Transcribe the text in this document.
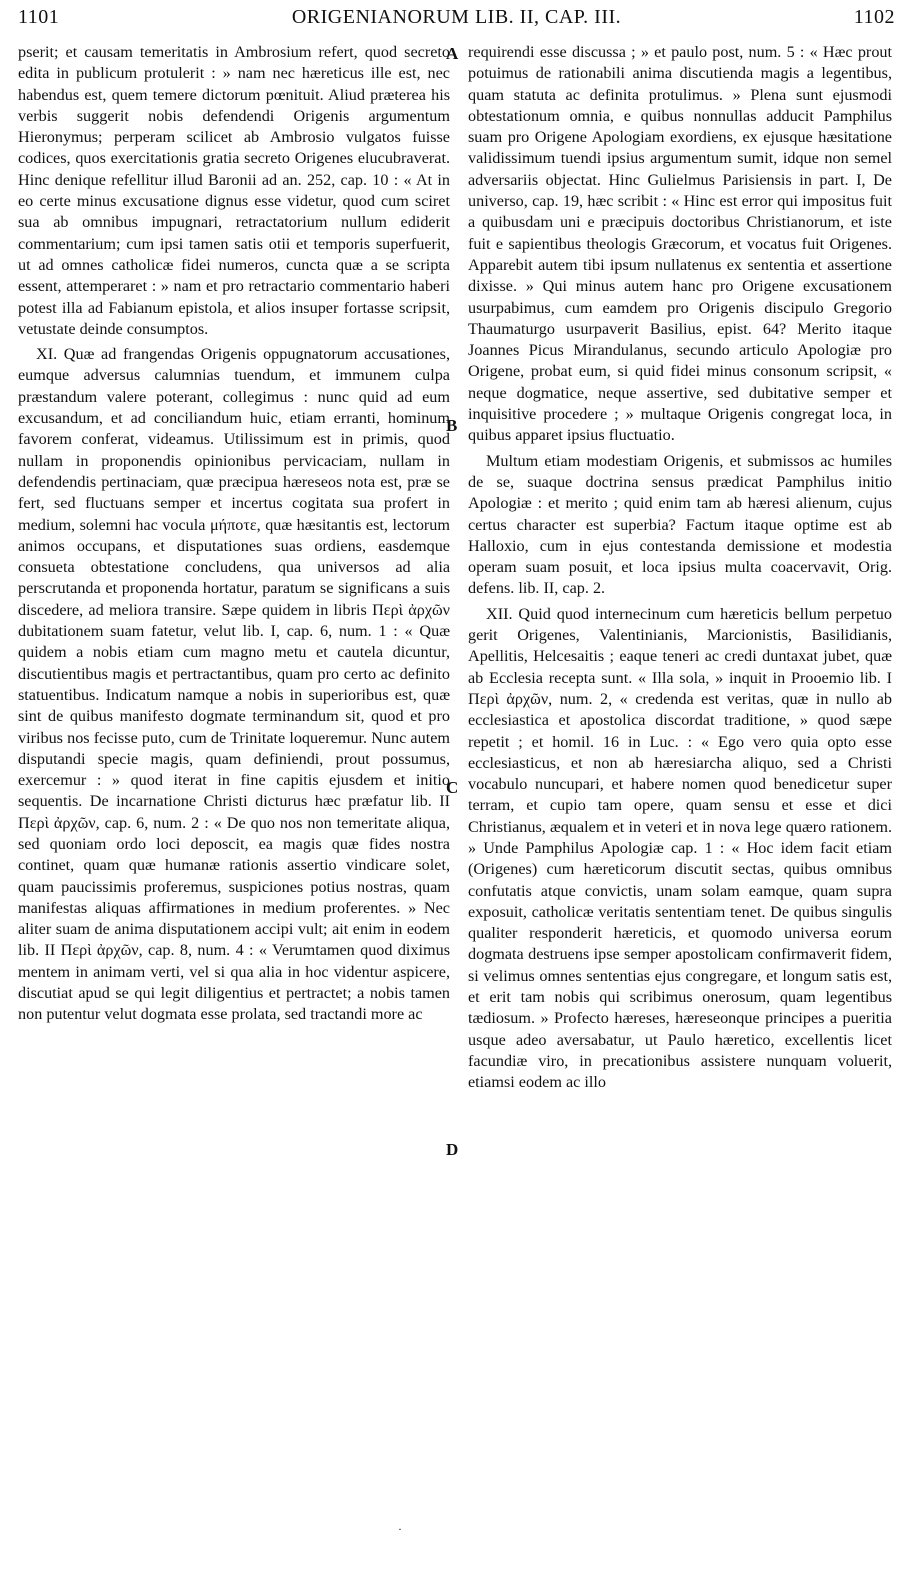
1101	ORIGENIANORUM LIB. II, CAP. III.	1102

pserit; et causam temeritatis in Ambrosium refert, quod secreto edita in publicum protulerit : » nam nec hæreticus ille est, nec habendus est, quem temere dictorum pœnituit. Aliud præterea his verbis suggerit nobis defendendi Origenis argumentum Hieronymus; perperam scilicet ab Ambrosio vulgatos fuisse codices, quos exercitationis gratia secreto Origenes elucubraverat. Hinc denique refellitur illud Baronii ad an. 252, cap. 10 : « At in eo certe minus excusatione dignus esse videtur, quod cum sciret sua ab omnibus impugnari, retractatorium nullum ediderit commentarium; cum ipsi tamen satis otii et temporis superfuerit, ut ad omnes catholicæ fidei numeros, cuncta quæ a se scripta essent, attemperaret : » nam et pro retractario commentario haberi potest illa ad Fabianum epistola, et alios insuper fortasse scripsit, vetustate deinde consumptos.

XI. Quæ ad frangendas Origenis oppugnatorum accusationes, eumque adversus calumnias tuendum, et immunem culpa præstandum valere poterant, collegimus : nunc quid ad eum excusandum, et ad conciliandum huic, etiam erranti, hominum favorem conferat, videamus. Utilissimum est in primis, quod nullam in proponendis opinionibus pervicaciam, nullam in defendendis pertinaciam, quæ præcipua hæreseos nota est, præ se fert, sed fluctuans semper et incertus cogitata sua profert in medium, solemni hac vocula μήποτε, quæ hæsitantis est, lectorum animos occupans, et disputationes suas ordiens, easdemque consueta obtestatione concludens, qua universos ad alia perscrutanda et proponenda hortatur, paratum se significans a suis discedere, ad meliora transire. Sæpe quidem in libris Περὶ ἀρχῶν dubitationem suam fatetur, velut lib. I, cap. 6, num. 1 : « Quæ quidem a nobis etiam cum magno metu et cautela dicuntur, discutientibus magis et pertractantibus, quam pro certo ac definito statuentibus. Indicatum namque a nobis in superioribus est, quæ sint de quibus manifesto dogmate terminandum sit, quod et pro viribus nos fecisse puto, cum de Trinitate loqueremur. Nunc autem disputandi specie magis, quam definiendi, prout possumus, exercemur : » quod iterat in fine capitis ejusdem et initio sequentis. De incarnatione Christi dicturus hæc præfatur lib. II Περὶ ἀρχῶν, cap. 6, num. 2 : « De quo nos non temeritate aliqua, sed quoniam ordo loci deposcit, ea magis quæ fides nostra continet, quam quæ humanæ rationis assertio vindicare solet, quam paucissimis proferemus, suspiciones potius nostras, quam manifestas aliquas affirmationes in medium proferentes. » Nec aliter suam de anima disputationem accipi vult; ait enim in eodem lib. II Περὶ ἀρχῶν, cap. 8, num. 4 : « Verumtamen quod diximus mentem in animam verti, vel si qua alia in hoc videntur aspicere, discutiat apud se qui legit diligentius et pertractet; a nobis tamen non putentur velut dogmata esse prolata, sed tractandi more ac

A
B
C
D

requirendi esse discussa ; » et paulo post, num. 5 : « Hæc prout potuimus de rationabili anima discutienda magis a legentibus, quam statuta ac definita protulimus. » Plena sunt ejusmodi obtestationum omnia, e quibus nonnullas adducit Pamphilus suam pro Origene Apologiam exordiens, ex ejusque hæsitatione validissimum tuendi ipsius argumentum sumit, idque non semel adversariis objectat. Hinc Gulielmus Parisiensis in part. I, De universo, cap. 19, hæc scribit : « Hinc est error qui impositus fuit a quibusdam uni e præcipuis doctoribus Christianorum, et iste fuit e sapientibus theologis Græcorum, et vocatus fuit Origenes. Apparebit autem tibi ipsum nullatenus ex sententia et assertione dixisse. » Qui minus autem hanc pro Origene excusationem usurpabimus, cum eamdem pro Origenis discipulo Gregorio Thaumaturgo usurpaverit Basilius, epist. 64? Merito itaque Joannes Picus Mirandulanus, secundo articulo Apologiæ pro Origene, probat eum, si quid fidei minus consonum scripsit, « neque dogmatice, neque assertive, sed dubitative semper et inquisitive procedere ; » multaque Origenis congregat loca, in quibus apparet ipsius fluctuatio.

Multum etiam modestiam Origenis, et submissos ac humiles de se, suaque doctrina sensus prædicat Pamphilus initio Apologiæ : et merito ; quid enim tam ab hæresi alienum, cujus certus character est superbia? Factum itaque optime est ab Halloxio, cum in ejus contestanda demissione et modestia operam suam posuit, et loca ipsius multa coacervavit, Orig. defens. lib. II, cap. 2.

XII. Quid quod internecinum cum hæreticis bellum perpetuo gerit Origenes, Valentinianis, Marcionistis, Basilidianis, Apellitis, Helcesaitis ; eaque teneri ac credi duntaxat jubet, quæ ab Ecclesia recepta sunt. « Illa sola, » inquit in Prooemio lib. I Περὶ ἀρχῶν, num. 2, « credenda est veritas, quæ in nullo ab ecclesiastica et apostolica discordat traditione, » quod sæpe repetit ; et homil. 16 in Luc. : « Ego vero quia opto esse ecclesiasticus, et non ab hæresiarcha aliquo, sed a Christi vocabulo nuncupari, et habere nomen quod benedicetur super terram, et cupio tam opere, quam sensu et esse et dici Christianus, æqualem et in veteri et in nova lege quæro rationem. » Unde Pamphilus Apologiæ cap. 1 : « Hoc idem facit etiam (Origenes) cum hæreticorum discutit sectas, quibus omnibus confutatis atque convictis, unam solam eamque, quam supra exposuit, catholicæ veritatis sententiam tenet. De quibus singulis qualiter responderit hæreticis, et quomodo universa eorum dogmata destruens ipse semper apostolicam confirmaverit fidem, si velimus omnes sententias ejus congregare, et longum satis est, et erit tam nobis qui scribimus onerosum, quam legentibus tædiosum. » Profecto hæreses, hæreseonque principes a pueritia usque adeo aversabatur, ut Paulo hæretico, excellentis licet facundiæ viro, in precationibus assistere nunquam voluerit, etiamsi eodem ac illo

·
